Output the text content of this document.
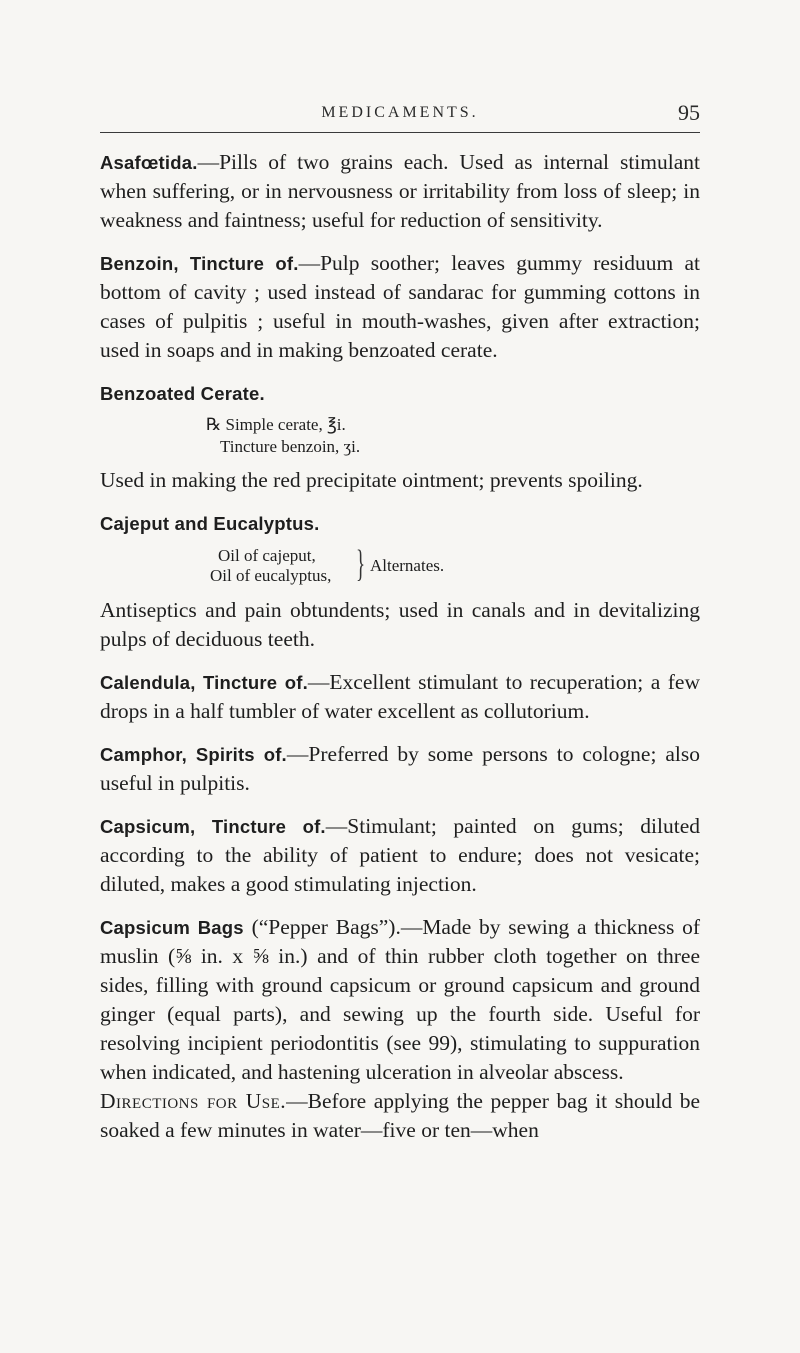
MEDICAMENTS.	95

Asafœtida.—Pills of two grains each. Used as internal stimulant when suffering, or in nervousness or irritability from loss of sleep; in weakness and faintness; useful for reduction of sensitivity.

Benzoin, Tincture of.—Pulp soother; leaves gummy residuum at bottom of cavity ; used instead of sandarac for gumming cottons in cases of pulpitis ; useful in mouth-washes, given after extraction; used in soaps and in making benzoated cerate.

Benzoated Cerate.
℞ Simple cerate, ℥i.
Tincture benzoin, ʒi.

Used in making the red precipitate ointment; prevents spoiling.

Cajeput and Eucalyptus.
Oil of cajeput,
Oil of eucalyptus, } Alternates.

Antiseptics and pain obtundents; used in canals and in devitalizing pulps of deciduous teeth.

Calendula, Tincture of.—Excellent stimulant to recuperation; a few drops in a half tumbler of water excellent as collutorium.

Camphor, Spirits of.—Preferred by some persons to cologne; also useful in pulpitis.

Capsicum, Tincture of.—Stimulant; painted on gums; diluted according to the ability of patient to endure; does not vesicate; diluted, makes a good stimulating injection.

Capsicum Bags (“Pepper Bags”).—Made by sewing a thickness of muslin (⅝ in. x ⅝ in.) and of thin rubber cloth together on three sides, filling with ground capsicum or ground capsicum and ground ginger (equal parts), and sewing up the fourth side. Useful for resolving incipient periodontitis (see 99), stimulating to suppuration when indicated, and hastening ulceration in alveolar abscess.

Directions for Use.—Before applying the pepper bag it should be soaked a few minutes in water—five or ten—when
